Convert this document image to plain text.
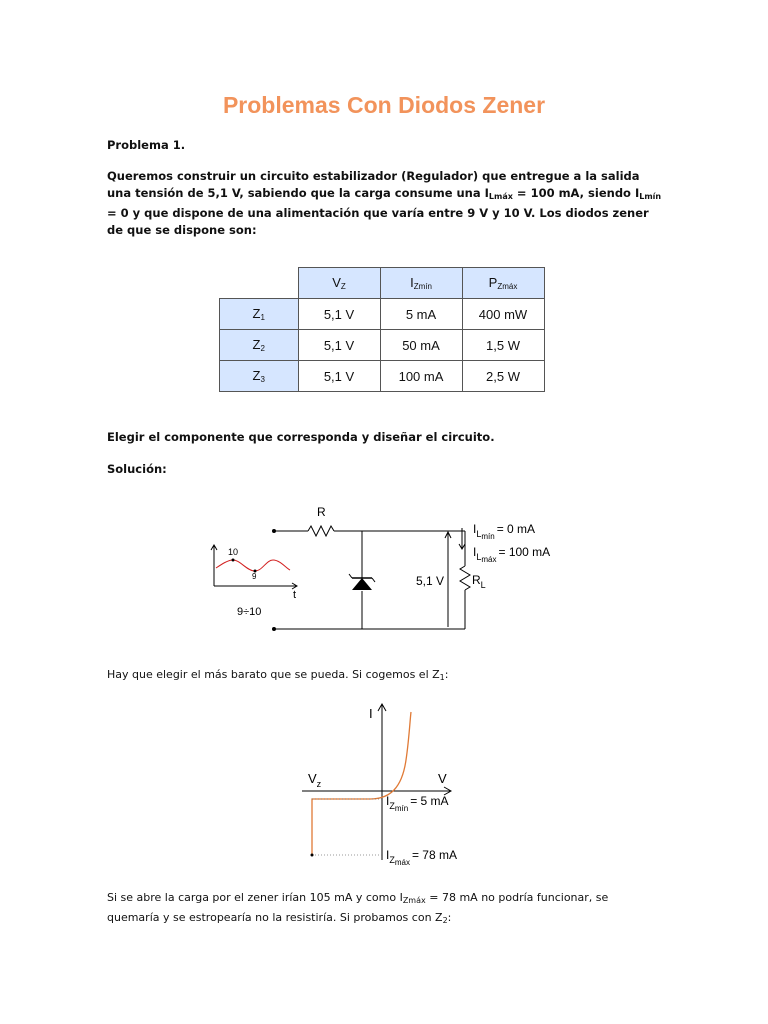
Problemas Con Diodos Zener
Problema 1.
Queremos construir un circuito estabilizador (Regulador) que entregue a la salida una tensión de 5,1 V, sabiendo que la carga consume una $I_{Lmáx} = 100$ mA, siendo $I_{Lmín} = 0$ y que dispone de una alimentación que varía entre 9 V y 10 V. Los diodos zener de que se dispone son:
	$V_Z$	$I_{Zmín}$	$P_{Zmáx}$
$Z_1$	5,1 V	5 mA	400 mW
$Z_2$	5,1 V	50 mA	1,5 W
$Z_3$	5,1 V	100 mA	2,5 W
Elegir el componente que corresponda y diseñar el circuito.
Solución:
R
$I_Lmín= 0$ mA
$I_Lmáx= 100$ mA
5,1 V $R_L$
10
9
t
9÷10
Hay que elegir el más barato que se pueda. Si cogemos el $Z_1$:
I
V
$V_z$
$I_Zmín= 5$ mA
$I_Zmáx= 78$ mA
Si se abre la carga por el zener irían 105 mA y como $I_{Zmáx} = 78$ mA no podría funcionar, se quemaría y se estropearía no la resistiría. Si probamos con $Z_2$:
